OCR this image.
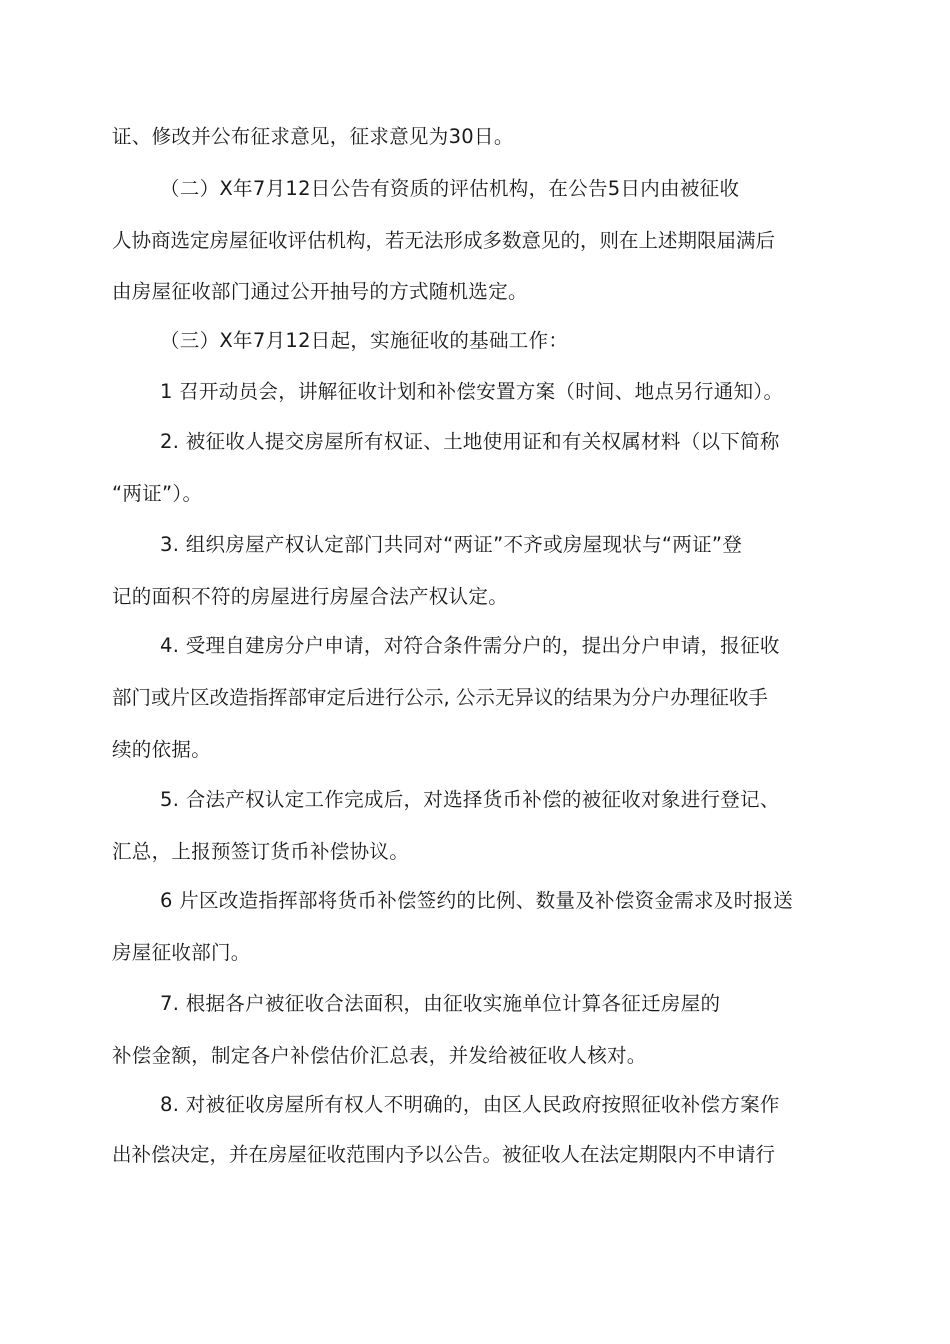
证、修改并公布征求意见，征求意见为30日。
（二）X年7月12日公告有资质的评估机构，在公告5日内由被征收
人协商选定房屋征收评估机构，若无法形成多数意见的，则在上述期限届满后
由房屋征收部门通过公开抽号的方式随机选定。
（三）X年7月12日起，实施征收的基础工作：
1 召开动员会，讲解征收计划和补偿安置方案（时间、地点另行通知）。
2. 被征收人提交房屋所有权证、土地使用证和有关权属材料（以下简称
“两证”）。
3. 组织房屋产权认定部门共同对“两证”不齐或房屋现状与“两证”登
记的面积不符的房屋进行房屋合法产权认定。
4. 受理自建房分户申请，对符合条件需分户的，提出分户申请，报征收
部门或片区改造指挥部审定后进行公示, 公示无异议的结果为分户办理征收手
续的依据。
5. 合法产权认定工作完成后，对选择货币补偿的被征收对象进行登记、
汇总，上报预签订货币补偿协议。
6 片区改造指挥部将货币补偿签约的比例、数量及补偿资金需求及时报送
房屋征收部门。
7. 根据各户被征收合法面积，由征收实施单位计算各征迁房屋的
补偿金额，制定各户补偿估价汇总表，并发给被征收人核对。
8. 对被征收房屋所有权人不明确的，由区人民政府按照征收补偿方案作
出补偿决定，并在房屋征收范围内予以公告。被征收人在法定期限内不申请行
